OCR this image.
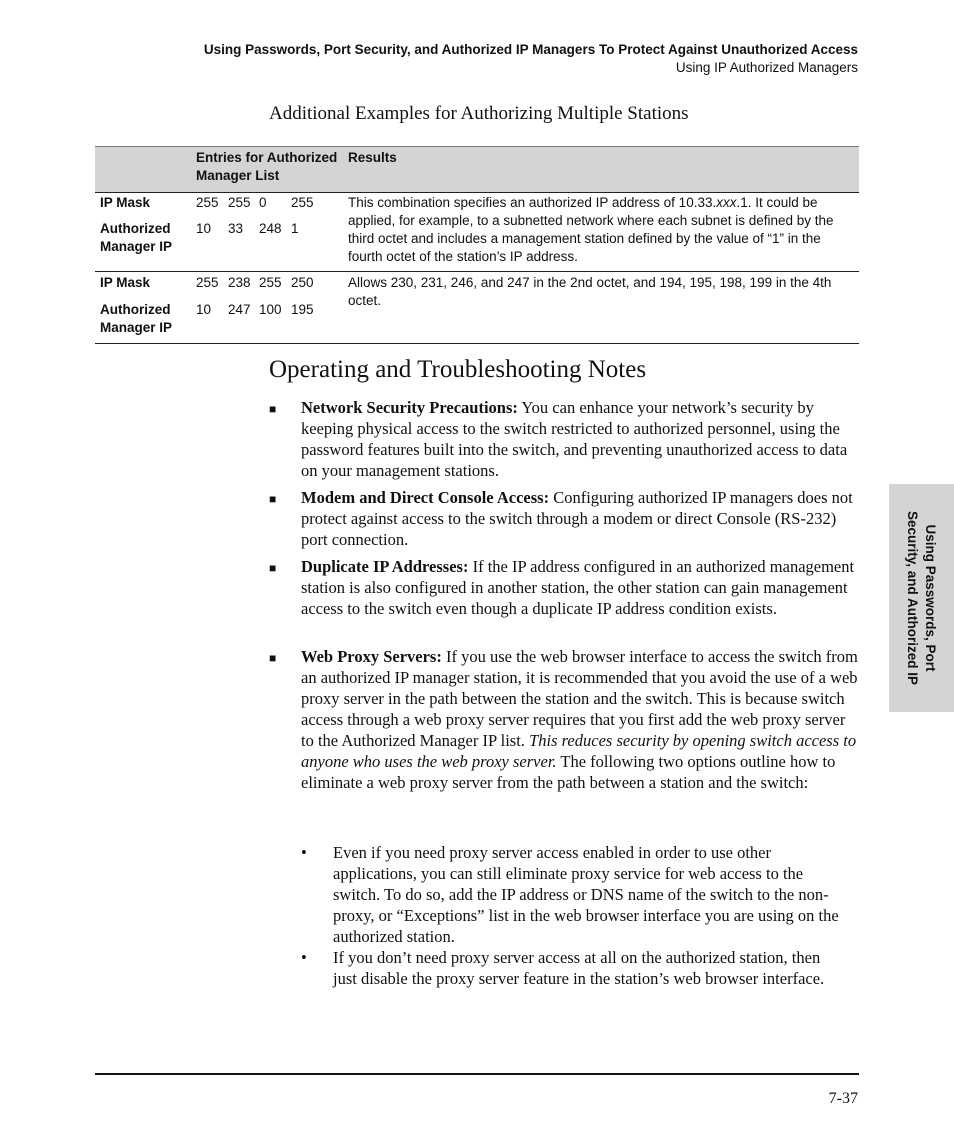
Using Passwords, Port Security, and Authorized IP Managers To Protect Against Unauthorized Access
Using IP Authorized Managers
Additional Examples for Authorizing Multiple Stations
Entries for Authorized Manager List
Results
IP Mask	255 255 0 255
Authorized Manager IP
10 33 248 1
This combination specifies an authorized IP address of 10.33.xxx.1. It could be applied, for example, to a subnetted network where each subnet is defined by the third octet and includes a management station defined by the value of “1” in the fourth octet of the station’s IP address.
IP Mask	255 238 255 250
Authorized Manager IP
10 247 100 195
Allows 230, 231, 246, and 247 in the 2nd octet, and 194, 195, 198, 199 in the 4th octet.
Operating and Troubleshooting Notes
■ Network Security Precautions: You can enhance your network’s security by keeping physical access to the switch restricted to authorized personnel, using the password features built into the switch, and preventing unauthorized access to data on your management stations.
■ Modem and Direct Console Access: Configuring authorized IP managers does not protect against access to the switch through a modem or direct Console (RS-232) port connection.
■ Duplicate IP Addresses: If the IP address configured in an authorized management station is also configured in another station, the other station can gain management access to the switch even though a duplicate IP address condition exists.
■ Web Proxy Servers: If you use the web browser interface to access the switch from an authorized IP manager station, it is recommended that you avoid the use of a web proxy server in the path between the station and the switch. This is because switch access through a web proxy server requires that you first add the web proxy server to the Authorized Manager IP list. This reduces security by opening switch access to anyone who uses the web proxy server. The following two options outline how to eliminate a web proxy server from the path between a station and the switch:
• Even if you need proxy server access enabled in order to use other applications, you can still eliminate proxy service for web access to the switch. To do so, add the IP address or DNS name of the switch to the non-proxy, or “Exceptions” list in the web browser interface you are using on the authorized station.
• If you don’t need proxy server access at all on the authorized station, then just disable the proxy server feature in the station’s web browser interface.
Using Passwords, Port
Security, and Authorized IP
7-37
